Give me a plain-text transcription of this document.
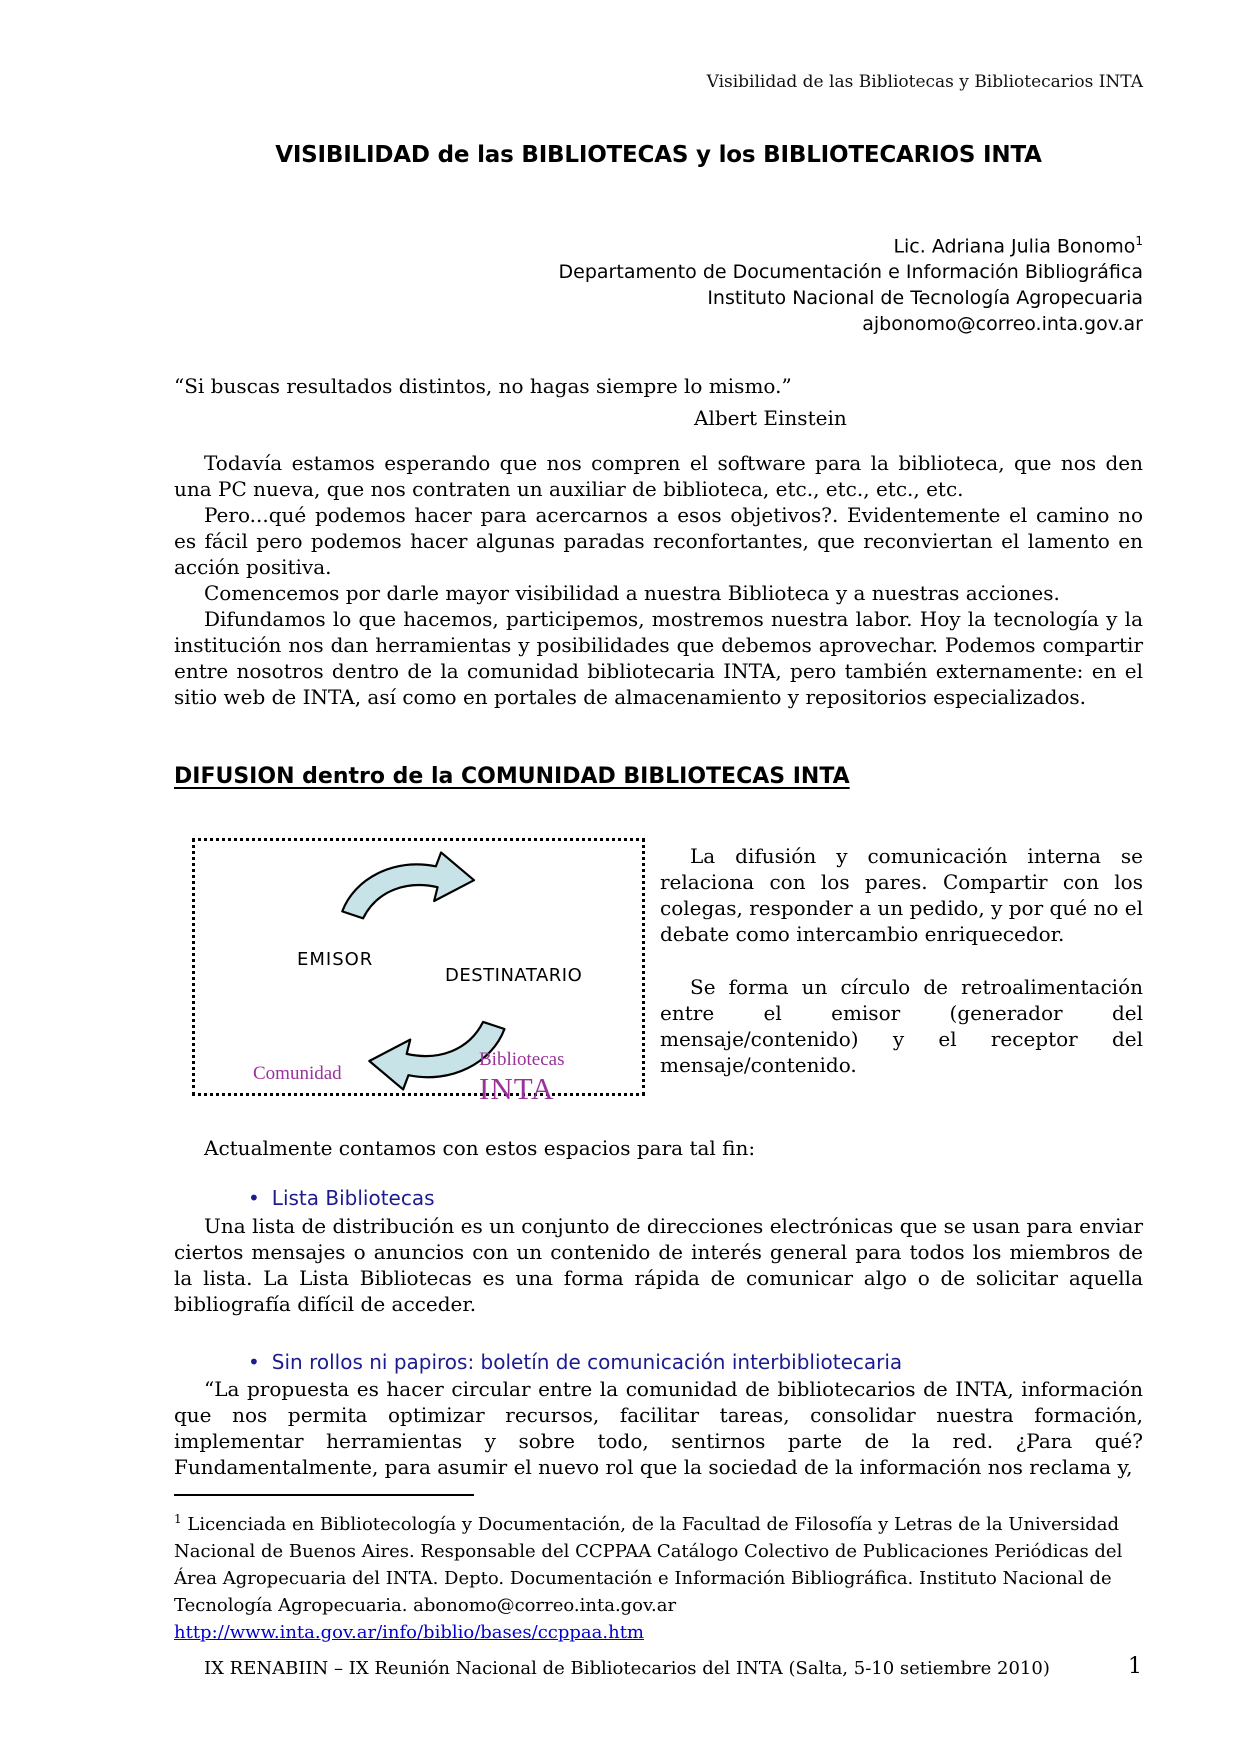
Visibilidad de las Bibliotecas y Bibliotecarios INTA
VISIBILIDAD de las BIBLIOTECAS y los BIBLIOTECARIOS INTA
Lic. Adriana Julia Bonomo$^1$
Departamento de Documentación e Información Bibliográfica
Instituto Nacional de Tecnología Agropecuaria
ajbonomo@correo.inta.gov.ar
“Si buscas resultados distintos, no hagas siempre lo mismo.”
Albert Einstein

Todavía estamos esperando que nos compren el software para la biblioteca, que nos den una PC nueva, que nos contraten un auxiliar de biblioteca, etc., etc., etc., etc.

Pero...qué podemos hacer para acercarnos a esos objetivos?. Evidentemente el camino no es fácil pero podemos hacer algunas paradas reconfortantes, que reconviertan el lamento en acción positiva.

Comencemos por darle mayor visibilidad a nuestra Biblioteca y a nuestras acciones.

Difundamos lo que hacemos, participemos, mostremos nuestra labor. Hoy la tecnología y la institución nos dan herramientas y posibilidades que debemos aprovechar. Podemos compartir entre nosotros dentro de la comunidad bibliotecaria INTA, pero también externamente: en el sitio web de INTA, así como en portales de almacenamiento y repositorios especializados.

DIFUSION dentro de la COMUNIDAD BIBLIOTECAS INTA
EMISOR
DESTINATARIO
Comunidad
Bibliotecas INTA

La difusión y comunicación interna se relaciona con los pares. Compartir con los colegas, responder a un pedido, y por qué no el debate como intercambio enriquecedor.

Se forma un círculo de retroalimentación entre el emisor (generador del mensaje/contenido) y el receptor del mensaje/contenido.

Actualmente contamos con estos espacios para tal fin:

• Lista Bibliotecas

Una lista de distribución es un conjunto de direcciones electrónicas que se usan para enviar ciertos mensajes o anuncios con un contenido de interés general para todos los miembros de la lista. La Lista Bibliotecas es una forma rápida de comunicar algo o de solicitar aquella bibliografía difícil de acceder.

• Sin rollos ni papiros: boletín de comunicación interbibliotecaria

“La propuesta es hacer circular entre la comunidad de bibliotecarios de INTA, información que nos permita optimizar recursos, facilitar tareas, consolidar nuestra formación, implementar herramientas y sobre todo, sentirnos parte de la red. ¿Para qué? Fundamentalmente, para asumir el nuevo rol que la sociedad de la información nos reclama y,

$^1$ Licenciada en Bibliotecología y Documentación, de la Facultad de Filosofía y Letras de la Universidad Nacional de Buenos Aires. Responsable del CCPPAA Catálogo Colectivo de Publicaciones Periódicas del Área Agropecuaria del INTA. Depto. Documentación e Información Bibliográfica. Instituto Nacional de Tecnología Agropecuaria. abonomo@correo.inta.gov.ar http://www.inta.gov.ar/info/biblio/bases/ccppaa.htm
IX RENABIIN – IX Reunión Nacional de Bibliotecarios del INTA (Salta, 5-10 setiembre 2010)	1
